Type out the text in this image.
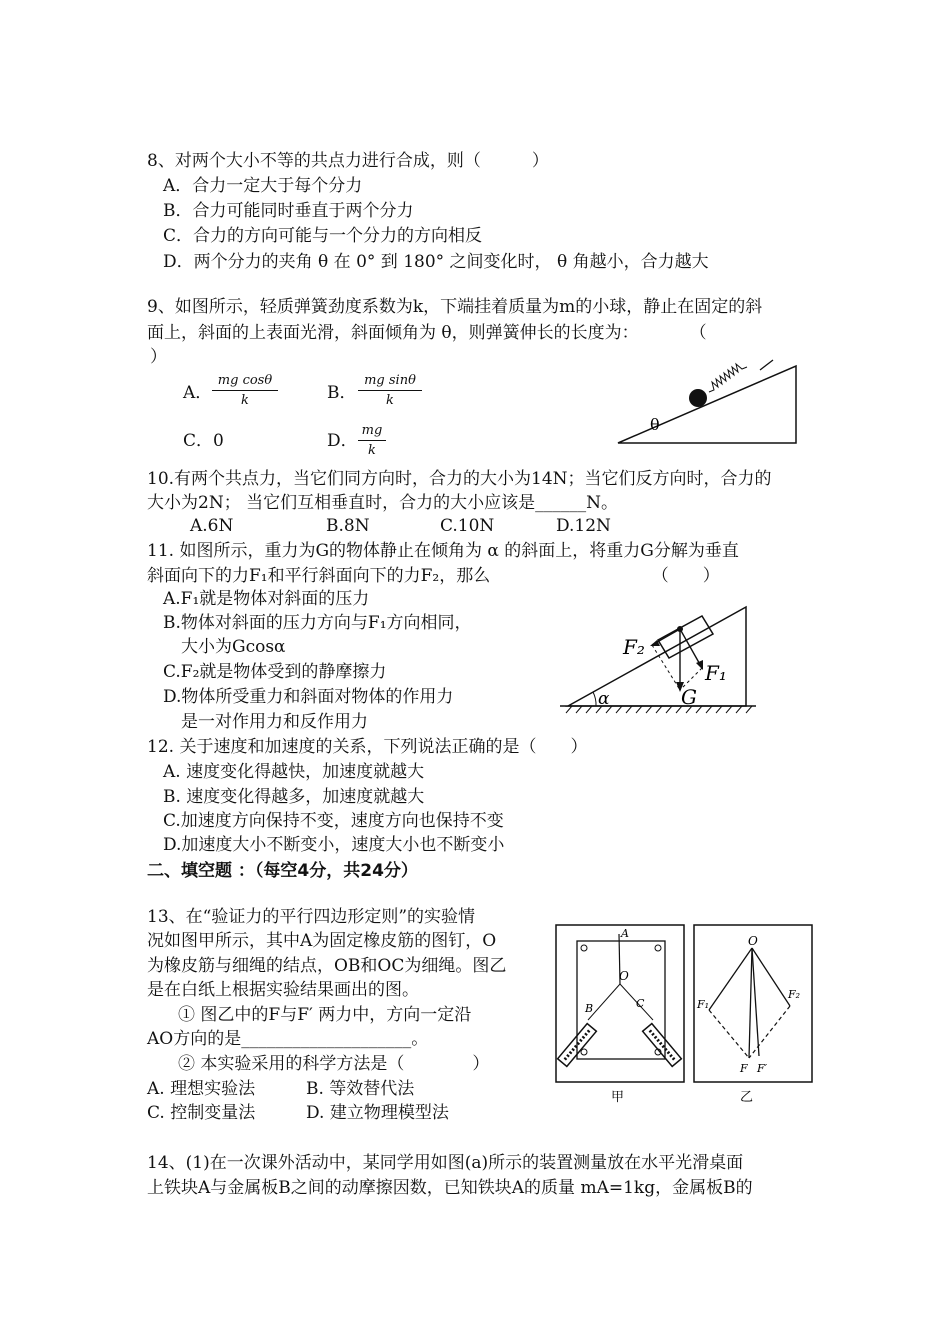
8、对两个大小不等的共点力进行合成，则（　　　）
A．合力一定大于每个分力
B．合力可能同时垂直于两个分力
C．合力的方向可能与一个分力的方向相反
D．两个分力的夹角 θ 在 0° 到 180° 之间变化时， θ 角越小，合力越大
9、如图所示，轻质弹簧劲度系数为k，下端挂着质量为m的小球，静止在固定的斜
面上，斜面的上表面光滑，斜面倾角为 θ，则弹簧伸长的长度为：　　　　（
）
A． $\frac{\text{mg cosθ}}{k}$	B． $\frac{\text{mg sinθ}}{k}$
C．0	D． $\frac{mg}{k}$	θ
10.有两个共点力，当它们同方向时，合力的大小为14N；当它们反方向时，合力的
大小为2N； 当它们互相垂直时，合力的大小应该是______N。
A.6N	B.8N	C.10N	D.12N
11. 如图所示，重力为G的物体静止在倾角为 α 的斜面上，将重力G分解为垂直
斜面向下的力F₁和平行斜面向下的力F₂，那么　　　　　　　　　　（　　）
A.F₁就是物体对斜面的压力
B.物体对斜面的压力方向与F₁方向相同，
大小为Gcosα
C.F₂就是物体受到的静摩擦力
D.物体所受重力和斜面对物体的作用力
是一对作用力和反作用力
α
F₂
F₁
G
12. 关于速度和加速度的关系，下列说法正确的是（　　）
A. 速度变化得越快，加速度就越大
B. 速度变化得越多，加速度就越大
C.加速度方向保持不变，速度方向也保持不变
D.加速度大小不断变小，速度大小也不断变小
二、填空题 ：（每空4分，共24分）
13、在“验证力的平行四边形定则”的实验情
况如图甲所示，其中A为固定橡皮筋的图钉，O
为橡皮筋与细绳的结点，OB和OC为细绳。图乙
是在白纸上根据实验结果画出的图。
① 图乙中的F与F′ 两力中，方向一定沿
AO方向的是____________________。
② 本实验采用的科学方法是（　　　　）
A. 理想实验法	B. 等效替代法
C. 控制变量法	D. 建立物理模型法
A
O
B	C
甲
O
F₁
F₂
F F′
乙
14、(1)在一次课外活动中，某同学用如图(a)所示的装置测量放在水平光滑桌面
上铁块A与金属板B之间的动摩擦因数，已知铁块A的质量 mA=1kg，金属板B的
